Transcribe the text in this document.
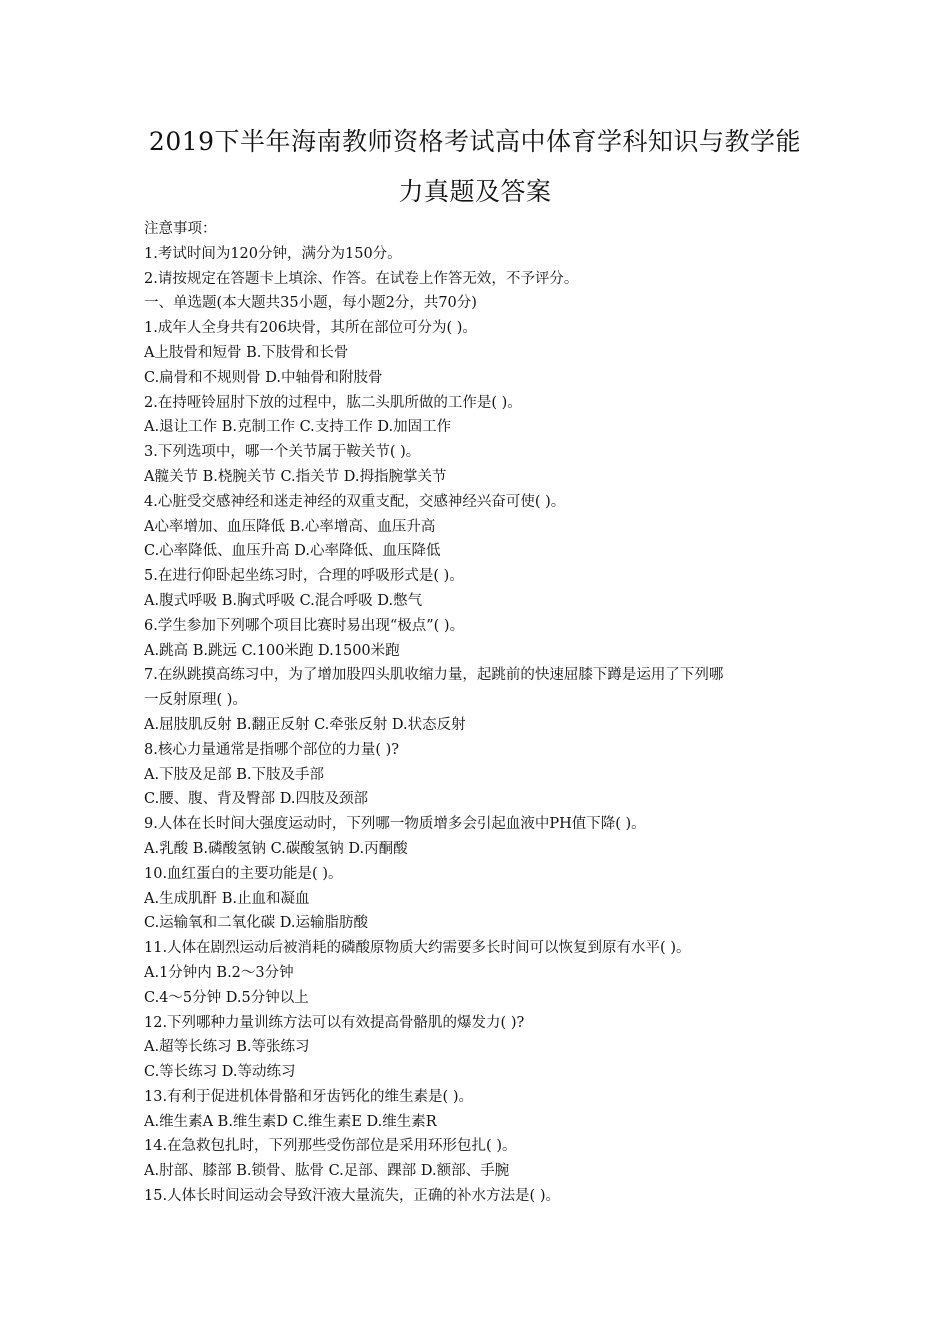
2019下半年海南教师资格考试高中体育学科知识与教学能
力真题及答案
注意事项：
1.考试时间为120分钟，满分为150分。
2.请按规定在答题卡上填涂、作答。在试卷上作答无效，不予评分。
一、单选题(本大题共35小题，每小题2分，共70分)
1.成年人全身共有206块骨，其所在部位可分为( )。
A上肢骨和短骨 B.下肢骨和长骨
C.扁骨和不规则骨 D.中轴骨和附肢骨
2.在持哑铃屈肘下放的过程中，肱二头肌所做的工作是( )。
A.退让工作 B.克制工作 C.支持工作 D.加固工作
3.下列选项中，哪一个关节属于鞍关节( )。
A髋关节 B.桡腕关节 C.指关节 D.拇指腕掌关节
4.心脏受交感神经和迷走神经的双重支配，交感神经兴奋可使( )。
A心率增加、血压降低 B.心率增高、血压升高
C.心率降低、血压升高 D.心率降低、血压降低
5.在进行仰卧起坐练习时，合理的呼吸形式是( )。
A.腹式呼吸 B.胸式呼吸 C.混合呼吸 D.憋气
6.学生参加下列哪个项目比赛时易出现“极点”( )。
A.跳高 B.跳远 C.100米跑 D.1500米跑
7.在纵跳摸高练习中，为了增加股四头肌收缩力量，起跳前的快速屈膝下蹲是运用了下列哪
一反射原理( )。
A.屈肢肌反射 B.翻正反射 C.牵张反射 D.状态反射
8.核心力量通常是指哪个部位的力量( )?
A.下肢及足部 B.下肢及手部
C.腰、腹、背及臀部 D.四肢及颈部
9.人体在长时间大强度运动时，下列哪一物质增多会引起血液中PH值下降( )。
A.乳酸 B.磷酸氢钠 C.碳酸氢钠 D.丙酮酸
10.血红蛋白的主要功能是( )。
A.生成肌酐 B.止血和凝血
C.运输氧和二氧化碳 D.运输脂肪酸
11.人体在剧烈运动后被消耗的磷酸原物质大约需要多长时间可以恢复到原有水平( )。
A.1分钟内 B.2～3分钟
C.4～5分钟 D.5分钟以上
12.下列哪种力量训练方法可以有效提高骨骼肌的爆发力( )?
A.超等长练习 B.等张练习
C.等长练习 D.等动练习
13.有利于促进机体骨骼和牙齿钙化的维生素是( )。
A.维生素A B.维生素D C.维生素E D.维生素R
14.在急救包扎时，下列那些受伤部位是采用环形包扎( )。
A.肘部、膝部 B.锁骨、肱骨 C.足部、踝部 D.额部、手腕
15.人体长时间运动会导致汗液大量流失，正确的补水方法是( )。
